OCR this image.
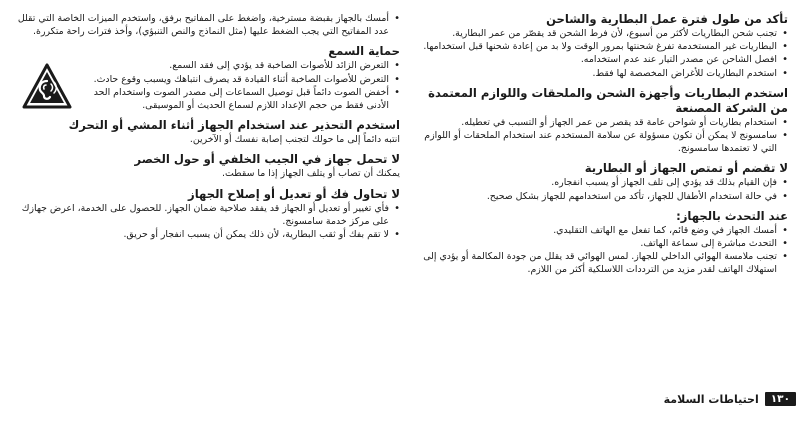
تأكد من طول فترة عمل البطارية والشاحن
• تجنب شحن البطاريات لأكثر من أسبوع، لأن فرط الشحن قد يقصّر من عمر البطارية.
• البطاريات غير المستخدمة تفرغ شحنتها بمرور الوقت ولا بد من إعادة شحنها قبل استخدامها.
• افصل الشاحن عن مصدر التيار عند عدم استخدامه.
• استخدم البطاريات للأغراض المخصصة لها فقط.
استخدم البطاريات وأجهزة الشحن والملحقات واللوازم المعتمدة من الشركة المصنعة
• استخدام بطاريات أو شواحن عامة قد يقصر من عمر الجهاز أو التسبب في تعطيله.
• سامسونج لا يمكن أن تكون مسؤولة عن سلامة المستخدم عند استخدام الملحقات أو اللوازم التي لا تعتمدها سامسونج.
لا تقضم أو تمتص الجهاز أو البطارية
• فإن القيام بذلك قد يؤدي إلى تلف الجهاز أو يسبب انفجاره.
• في حالة استخدام الأطفال للجهاز، تأكد من استخدامهم للجهاز بشكل صحيح.
عند التحدث بالجهاز:
• أمسك الجهاز في وضع قائم، كما تفعل مع الهاتف التقليدي.
• التحدث مباشرة إلى سماعة الهاتف.
• تجنب ملامسة الهوائي الداخلي للجهاز. لمس الهوائي قد يقلل من جودة المكالمة أو يؤدي إلى استهلاك الهاتف لقدر مزيد من الترددات اللاسلكية أكثر من اللازم.
• أمسك بالجهاز بقبضة مسترخية، واضغط على المفاتيح برفق، واستخدم الميزات الخاصة التي تقلل عدد المفاتيح التي يجب الضغط عليها (مثل النماذج والنص التنبؤي)، وأخذ فترات راحة متكررة.
حماية السمع
• التعرض الزائد للأصوات الصاخبة قد يؤدي إلى فقد السمع.
• التعرض للأصوات الصاخبة أثناء القيادة قد يصرف انتباهك ويسبب وقوع حادث.
• أخفض الصوت دائماً قبل توصيل السماعات إلى مصدر الصوت واستخدام الحد الأدنى فقط من حجم الإعداد اللازم لسماع الحديث أو الموسيقى.
استخدم التحذير عند استخدام الجهاز أثناء المشي أو التحرك

انتبه دائماً إلى ما حولك لتجنب إصابة نفسك أو الآخرين.

لا تحمل جهاز في الجيب الخلفي أو حول الخصر

يمكنك أن تصاب أو يتلف الجهاز إذا ما سقطت.

لا تحاول فك أو تعديل أو إصلاح الجهاز
• فأي تغيير أو تعديل أو الجهاز قد يفقد صلاحية ضمان الجهاز. للحصول على الخدمة، اعرض جهازك على مركز خدمة سامسونج.
• لا تقم بفك أو ثقب البطارية، لأن ذلك يمكن أن يسبب انفجار أو حريق.
١٣٠
احتياطات السلامة
